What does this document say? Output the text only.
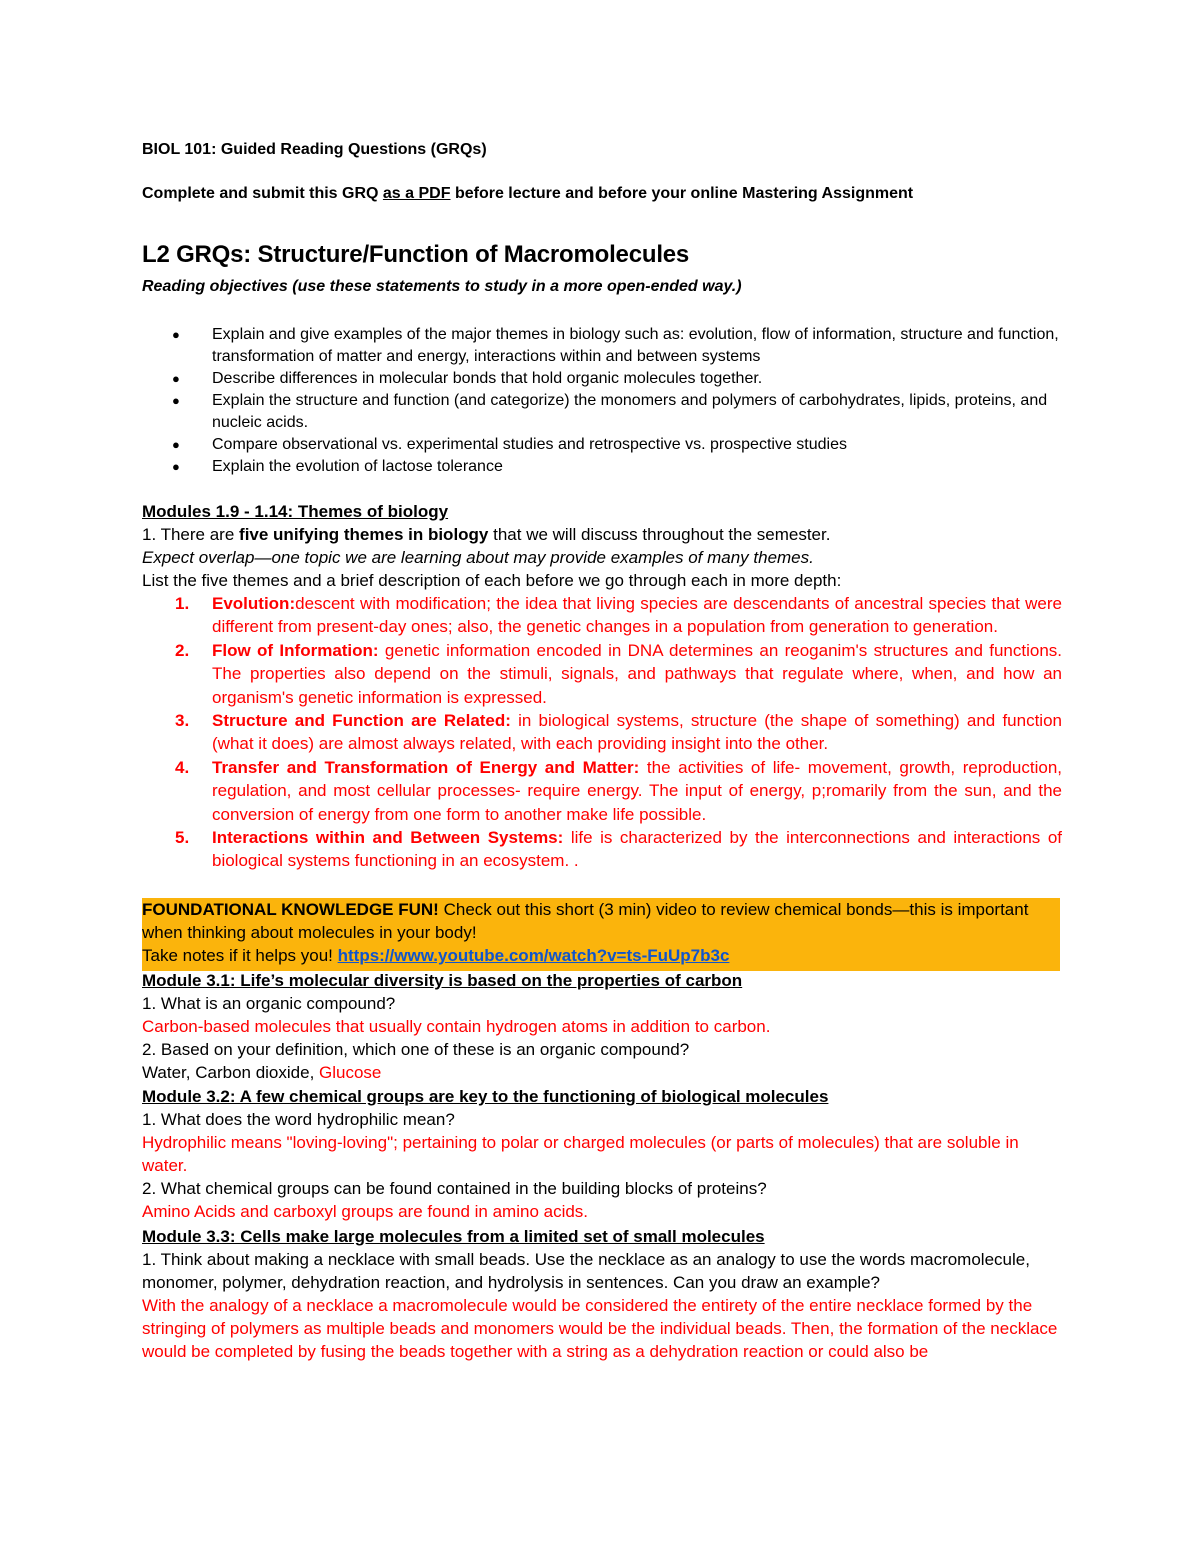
BIOL 101: Guided Reading Questions (GRQs)
Complete and submit this GRQ as a PDF before lecture and before your online Mastering Assignment
L2 GRQs: Structure/Function of Macromolecules
Reading objectives (use these statements to study in a more open-ended way.)
● Explain and give examples of the major themes in biology such as: evolution, flow of information, structure and function, transformation of matter and energy, interactions within and between systems
● Describe differences in molecular bonds that hold organic molecules together.
● Explain the structure and function (and categorize) the monomers and polymers of carbohydrates, lipids, proteins, and nucleic acids.
● Compare observational vs. experimental studies and retrospective vs. prospective studies
● Explain the evolution of lactose tolerance
Modules 1.9 - 1.14: Themes of biology
1. There are five unifying themes in biology that we will discuss throughout the semester.
Expect overlap—one topic we are learning about may provide examples of many themes.
List the five themes and a brief description of each before we go through each in more depth:
1. Evolution:descent with modification; the idea that living species are descendants of ancestral species that were different from present-day ones; also, the genetic changes in a population from generation to generation.
2. Flow of Information: genetic information encoded in DNA determines an reoganim's structures and functions. The properties also depend on the stimuli, signals, and pathways that regulate where, when, and how an organism's genetic information is expressed.
3. Structure and Function are Related: in biological systems, structure (the shape of something) and function (what it does) are almost always related, with each providing insight into the other.
4. Transfer and Transformation of Energy and Matter: the activities of life- movement, growth, reproduction, regulation, and most cellular processes- require energy. The input of energy, p;romarily from the sun, and the conversion of energy from one form to another make life possible.
5. Interactions within and Between Systems: life is characterized by the interconnections and interactions of biological systems functioning in an ecosystem. .
FOUNDATIONAL KNOWLEDGE FUN! Check out this short (3 min) video to review chemical bonds—this is important when thinking about molecules in your body!
Take notes if it helps you! https://www.youtube.com/watch?v=ts-FuUp7b3c
Module 3.1: Life’s molecular diversity is based on the properties of carbon
1. What is an organic compound?
Carbon-based molecules that usually contain hydrogen atoms in addition to carbon.
2. Based on your definition, which one of these is an organic compound?
Water, Carbon dioxide, Glucose
Module 3.2: A few chemical groups are key to the functioning of biological molecules
1. What does the word hydrophilic mean?
Hydrophilic means "loving-loving"; pertaining to polar or charged molecules (or parts of molecules) that are soluble in water.
2. What chemical groups can be found contained in the building blocks of proteins?
Amino Acids and carboxyl groups are found in amino acids.
Module 3.3: Cells make large molecules from a limited set of small molecules
1. Think about making a necklace with small beads. Use the necklace as an analogy to use the words macromolecule, monomer, polymer, dehydration reaction, and hydrolysis in sentences. Can you draw an example?
With the analogy of a necklace a macromolecule would be considered the entirety of the entire necklace formed by the stringing of polymers as multiple beads and monomers would be the individual beads. Then, the formation of the necklace would be completed by fusing the beads together with a string as a dehydration reaction or could also be
